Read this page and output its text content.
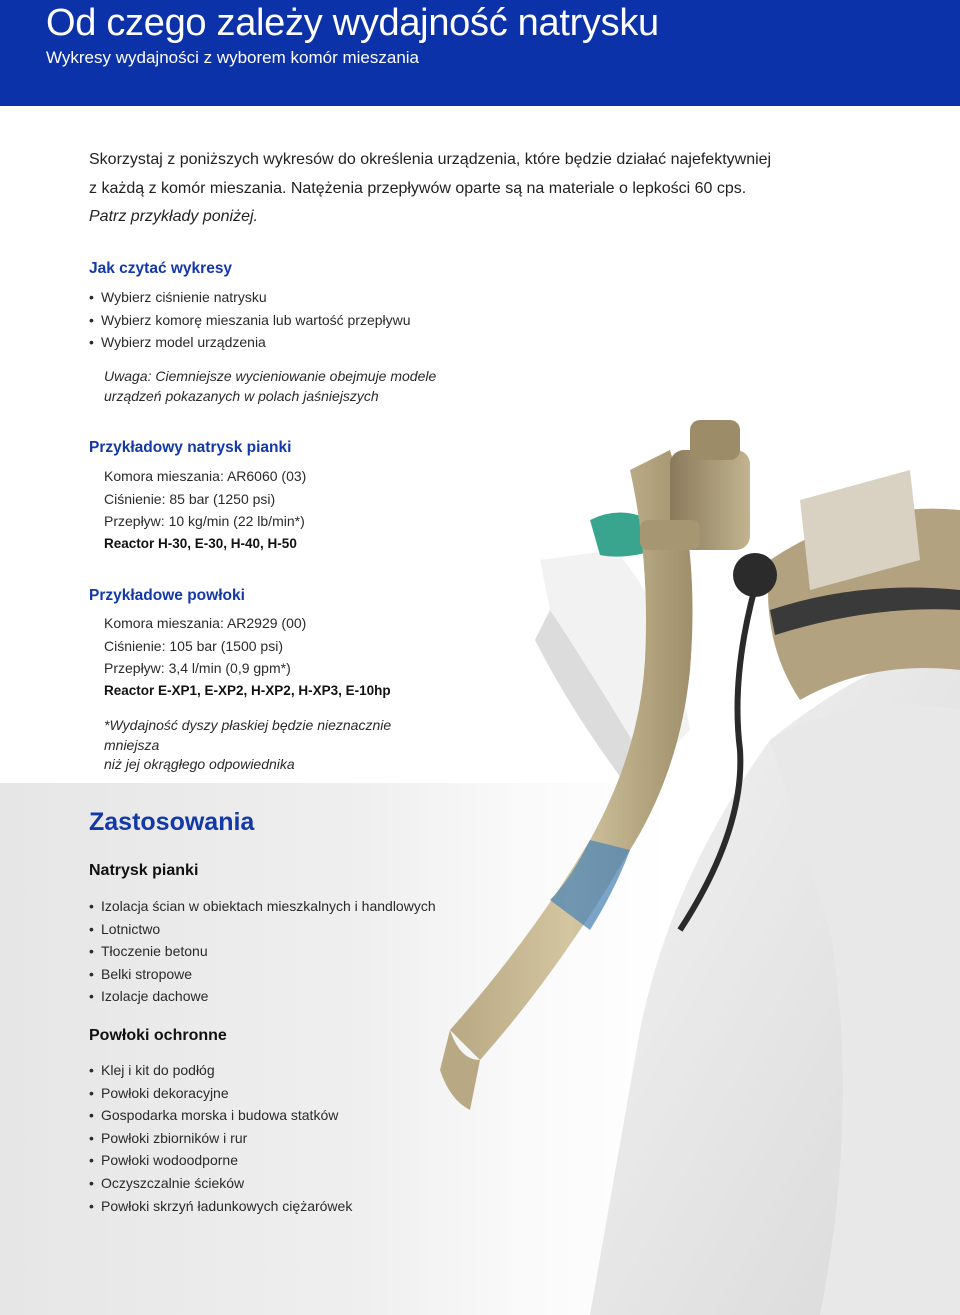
Od czego zależy wydajność natrysku
Wykresy wydajności z wyborem komór mieszania

Skorzystaj z poniższych wykresów do określenia urządzenia, które będzie działać najefektywniej

z każdą z komór mieszania. Natężenia przepływów oparte są na materiale o lepkości 60 cps.

Patrz przykłady poniżej.

Jak czytać wykresy
• Wybierz ciśnienie natrysku
• Wybierz komorę mieszania lub wartość przepływu
• Wybierz model urządzenia

Uwaga: Ciemniejsze wycieniowanie obejmuje modele

urządzeń pokazanych w polach jaśniejszych

Przykładowy natrysk pianki
Komora mieszania: AR6060 (03)
Ciśnienie: 85 bar (1250 psi)
Przepływ: 10 kg/min (22 lb/min*)
Reactor H-30, E-30, H-40, H-50
Przykładowe powłoki
Komora mieszania: AR2929 (00)
Ciśnienie: 105 bar (1500 psi)
Przepływ: 3,4 l/min (0,9 gpm*)
Reactor E-XP1, E-XP2, H-XP2, H-XP3, E-10hp

*Wydajność dyszy płaskiej będzie nieznacznie mniejsza

niż jej okrągłego odpowiednika

Zastosowania
Natrysk pianki
• Izolacja ścian w obiektach mieszkalnych i handlowych
• Lotnictwo
• Tłoczenie betonu
• Belki stropowe
• Izolacje dachowe
Powłoki ochronne
• Klej i kit do podłóg
• Powłoki dekoracyjne
• Gospodarka morska i budowa statków
• Powłoki zbiorników i rur
• Powłoki wodoodporne
• Oczyszczalnie ścieków
• Powłoki skrzyń ładunkowych ciężarówek
